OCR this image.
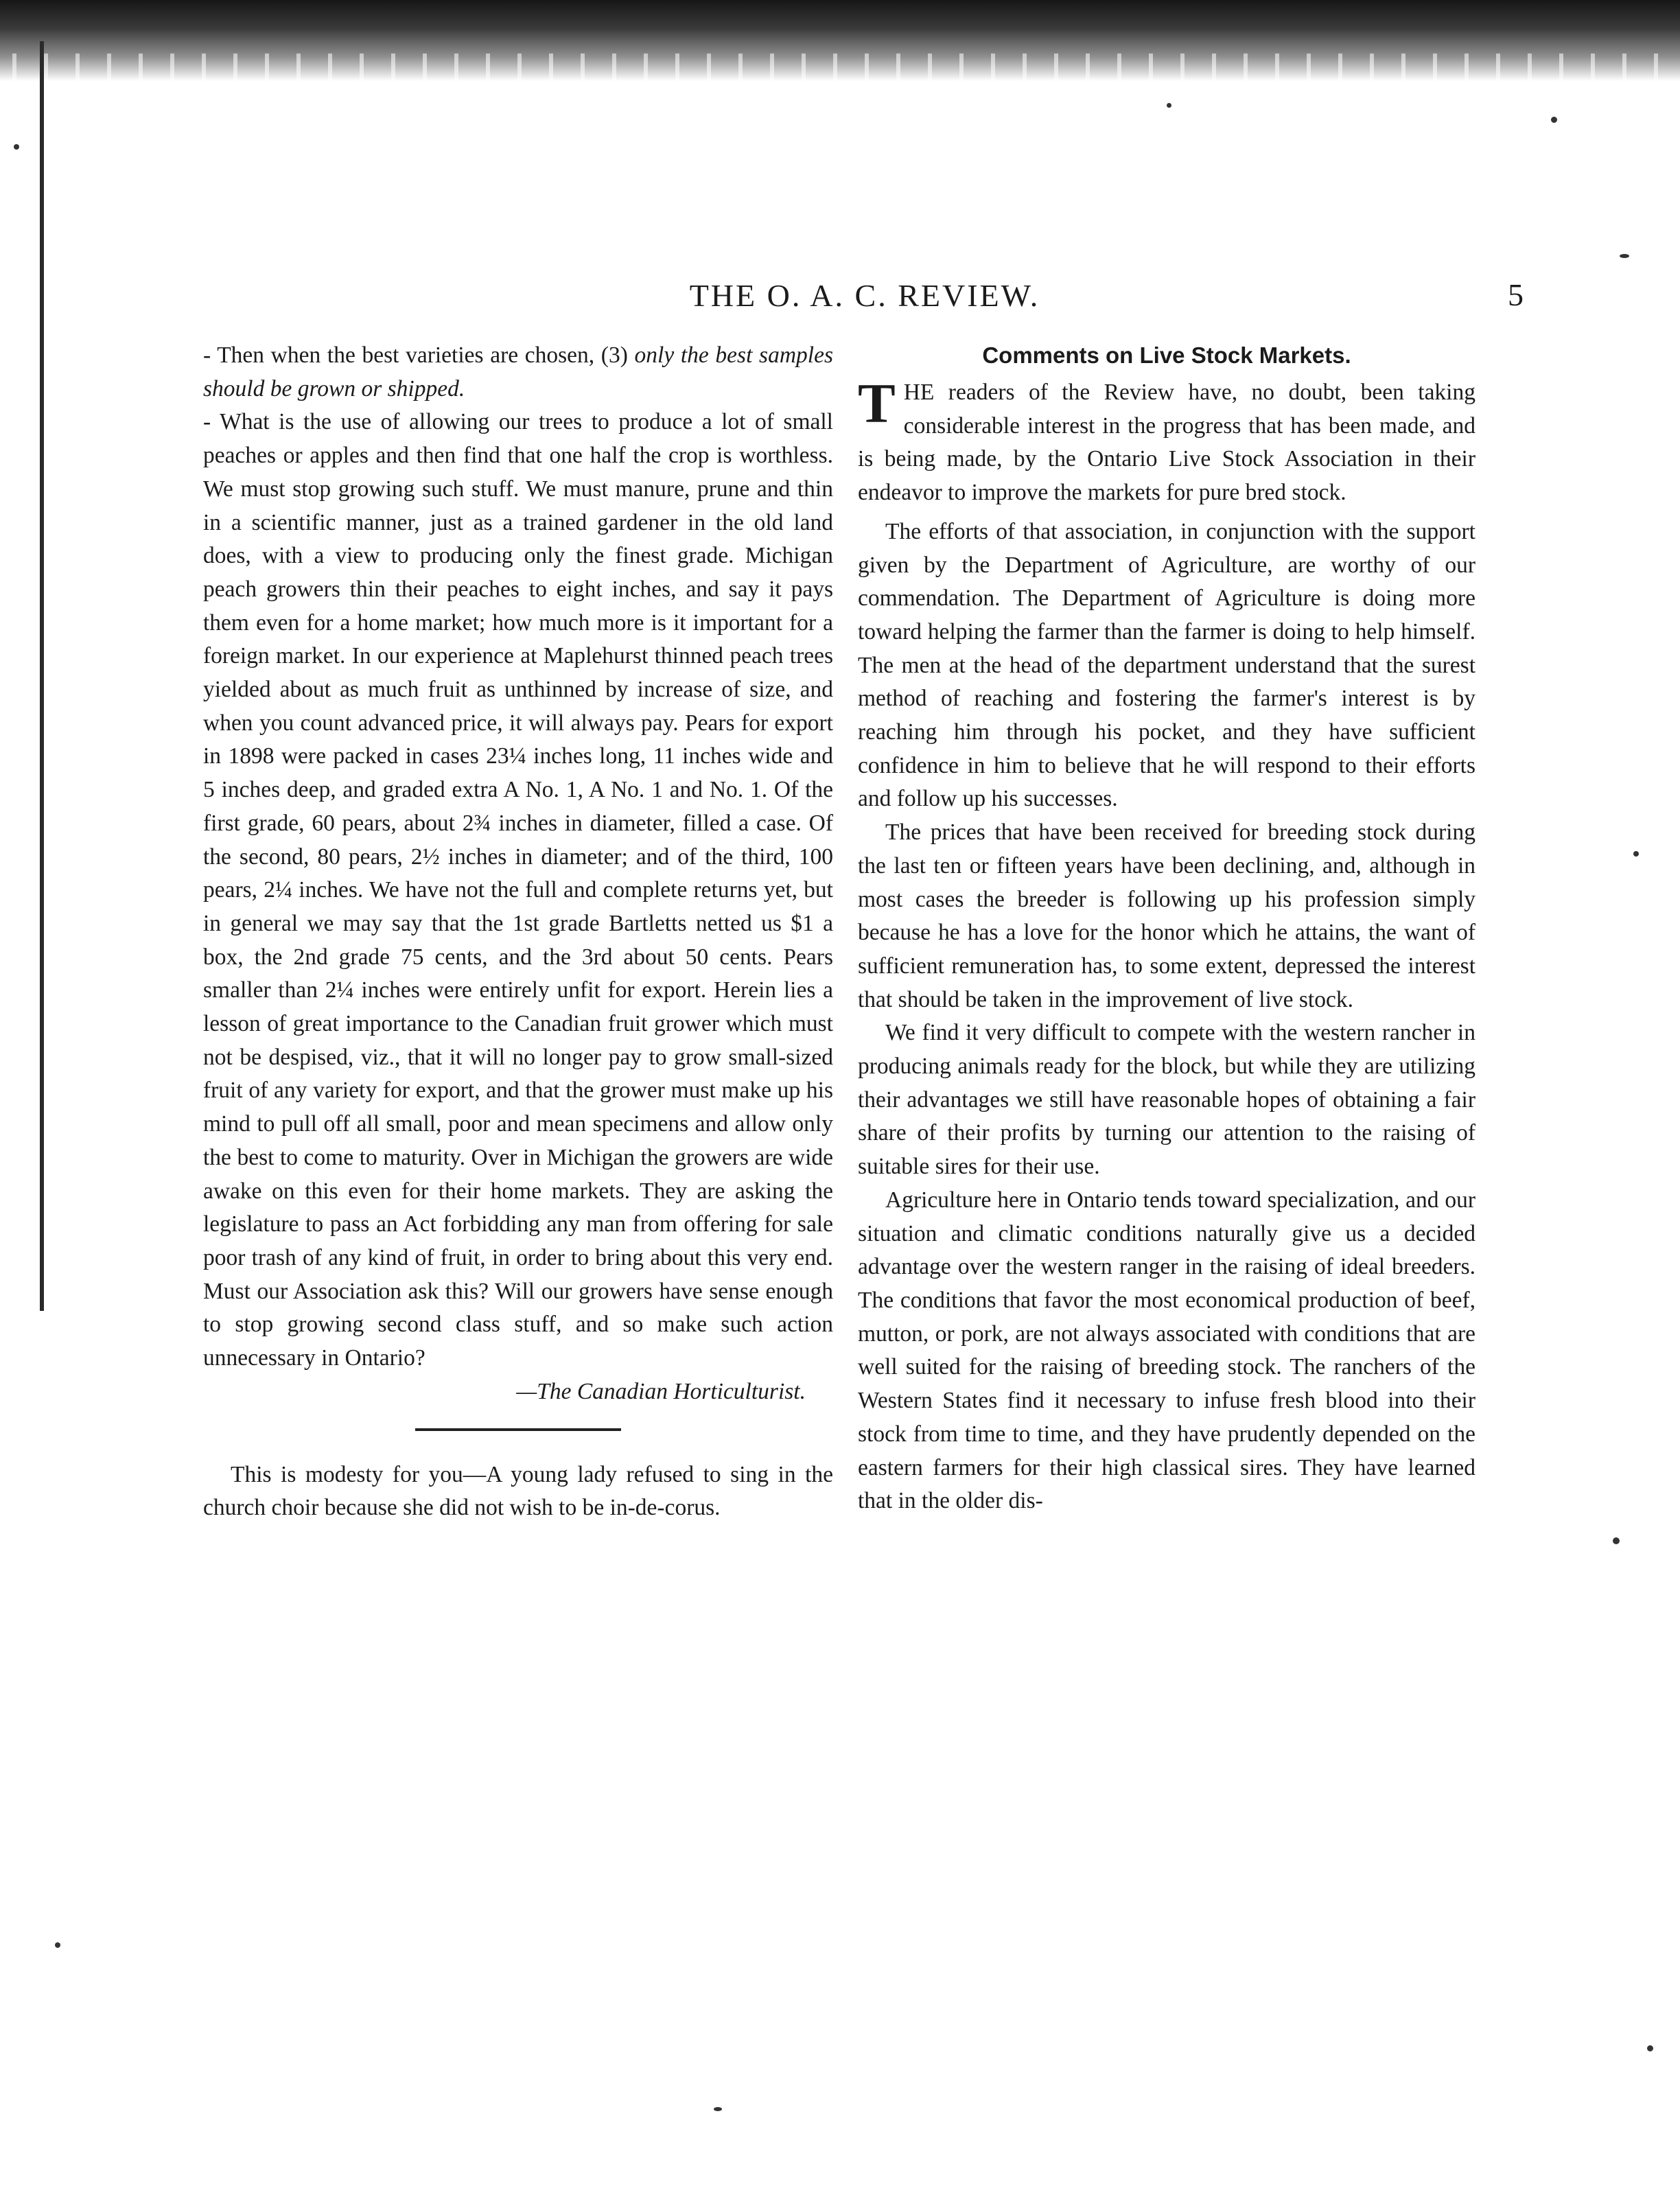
THE O. A. C. REVIEW.	5

- Then when the best varieties are chosen, (3) only the best samples should be grown or shipped.

- What is the use of allowing our trees to produce a lot of small peaches or apples and then find that one half the crop is worthless. We must stop growing such stuff. We must manure, prune and thin in a scientific manner, just as a trained gardener in the old land does, with a view to producing only the finest grade. Michigan peach growers thin their peaches to eight inches, and say it pays them even for a home market; how much more is it important for a foreign market. In our experience at Maplehurst thinned peach trees yielded about as much fruit as unthinned by increase of size, and when you count advanced price, it will always pay. Pears for export in 1898 were packed in cases 23¼ inches long, 11 inches wide and 5 inches deep, and graded extra A No. 1, A No. 1 and No. 1. Of the first grade, 60 pears, about 2¾ inches in diameter, filled a case. Of the second, 80 pears, 2½ inches in diameter; and of the third, 100 pears, 2¼ inches. We have not the full and complete returns yet, but in general we may say that the 1st grade Bartletts netted us $1 a box, the 2nd grade 75 cents, and the 3rd about 50 cents. Pears smaller than 2¼ inches were entirely unfit for export. Herein lies a lesson of great importance to the Canadian fruit grower which must not be despised, viz., that it will no longer pay to grow small-sized fruit of any variety for export, and that the grower must make up his mind to pull off all small, poor and mean specimens and allow only the best to come to maturity. Over in Michigan the growers are wide awake on this even for their home markets. They are asking the legislature to pass an Act forbidding any man from offering for sale poor trash of any kind of fruit, in order to bring about this very end. Must our Association ask this? Will our growers have sense enough to stop growing second class stuff, and so make such action unnecessary in Ontario?

—The Canadian Horticulturist.

This is modesty for you—A young lady refused to sing in the church choir because she did not wish to be in-de-corus.

Comments on Live Stock Markets.

THE readers of the Review have, no doubt, been taking considerable interest in the progress that has been made, and is being made, by the Ontario Live Stock Association in their endeavor to improve the markets for pure bred stock.

The efforts of that association, in conjunction with the support given by the Department of Agriculture, are worthy of our commendation. The Department of Agriculture is doing more toward helping the farmer than the farmer is doing to help himself. The men at the head of the department understand that the surest method of reaching and fostering the farmer's interest is by reaching him through his pocket, and they have sufficient confidence in him to believe that he will respond to their efforts and follow up his successes.

The prices that have been received for breeding stock during the last ten or fifteen years have been declining, and, although in most cases the breeder is following up his profession simply because he has a love for the honor which he attains, the want of sufficient remuneration has, to some extent, depressed the interest that should be taken in the improvement of live stock.

We find it very difficult to compete with the western rancher in producing animals ready for the block, but while they are utilizing their advantages we still have reasonable hopes of obtaining a fair share of their profits by turning our attention to the raising of suitable sires for their use.

Agriculture here in Ontario tends toward specialization, and our situation and climatic conditions naturally give us a decided advantage over the western ranger in the raising of ideal breeders. The conditions that favor the most economical production of beef, mutton, or pork, are not always associated with conditions that are well suited for the raising of breeding stock. The ranchers of the Western States find it necessary to infuse fresh blood into their stock from time to time, and they have prudently depended on the eastern farmers for their high classical sires. They have learned that in the older dis-
